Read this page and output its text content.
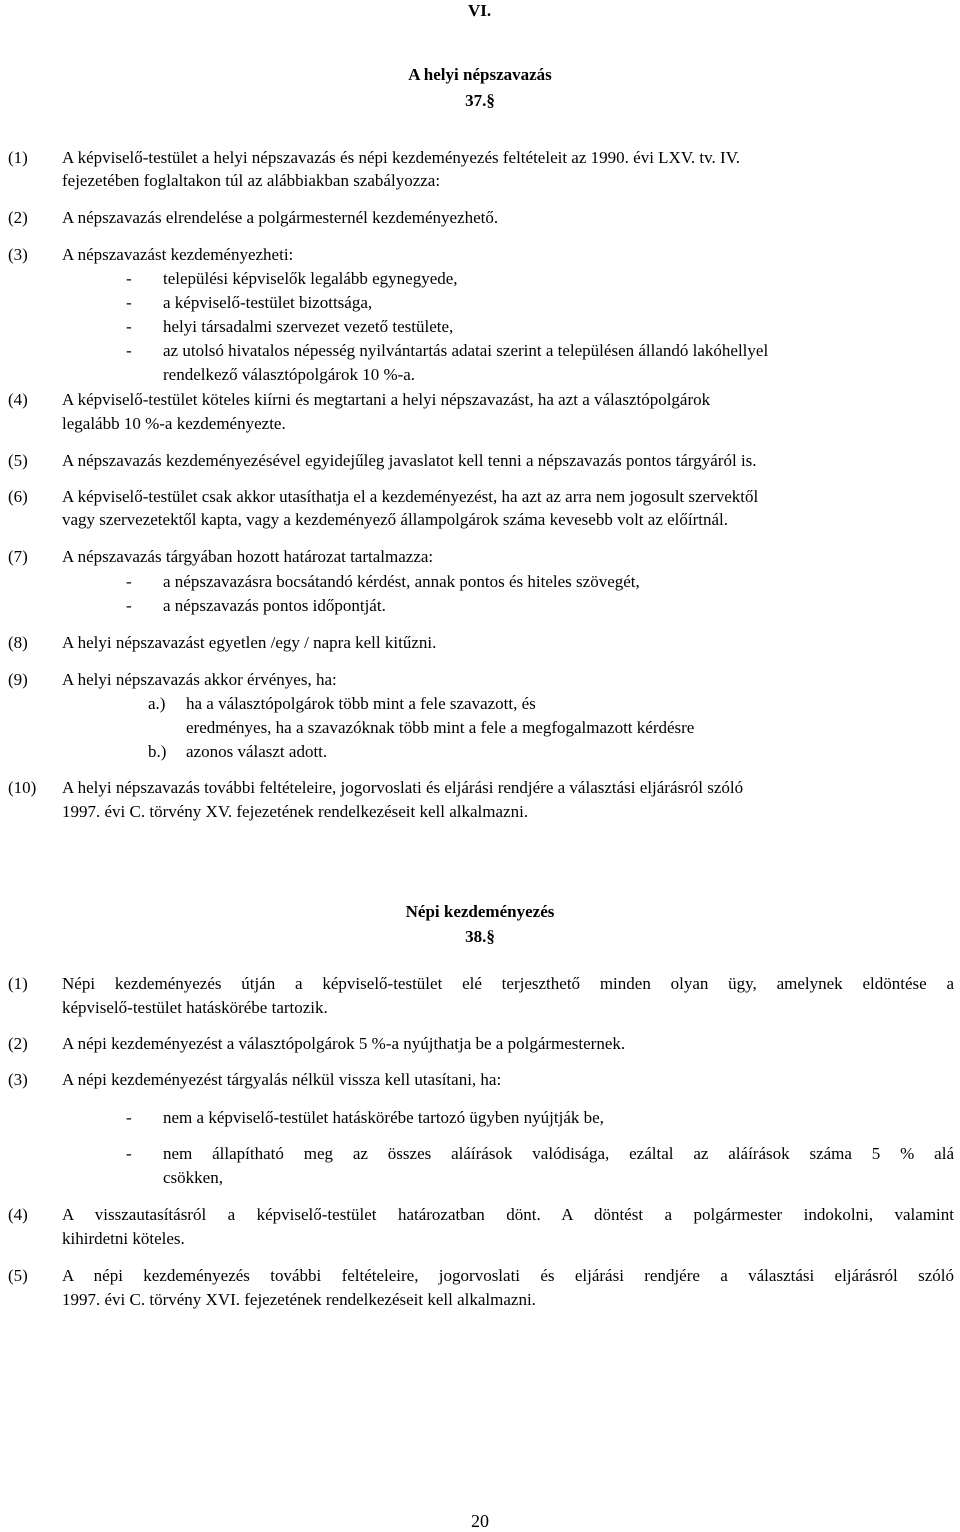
VI.
A helyi népszavazás
37.§
(1) A képviselő-testület a helyi népszavazás és népi kezdeményezés feltételeit az 1990. évi LXV. tv. IV.
fejezetében foglaltakon túl az alábbiakban szabályozza:
(2) A népszavazás elrendelése a polgármesternél kezdeményezhető.
(3) A népszavazást kezdeményezheti:
- települési képviselők legalább egynegyede,
- a képviselő-testület bizottsága,
- helyi társadalmi szervezet vezető testülete,
- az utolsó hivatalos népesség nyilvántartás adatai szerint a településen állandó lakóhellyel
rendelkező választópolgárok 10 %-a.
(4) A képviselő-testület köteles kiírni és megtartani a helyi népszavazást, ha azt a választópolgárok
legalább 10 %-a kezdeményezte.
(5) A népszavazás kezdeményezésével egyidejűleg javaslatot kell tenni a népszavazás pontos tárgyáról is.
(6) A képviselő-testület csak akkor utasíthatja el a kezdeményezést, ha azt az arra nem jogosult szervektől
vagy szervezetektől kapta, vagy a kezdeményező állampolgárok száma kevesebb volt az előírtnál.
(7) A népszavazás tárgyában hozott határozat tartalmazza:
- a népszavazásra bocsátandó kérdést, annak pontos és hiteles szövegét,
- a népszavazás pontos időpontját.
(8) A helyi népszavazást egyetlen /egy / napra kell kitűzni.
(9) A helyi népszavazás akkor érvényes, ha:
a.) ha a választópolgárok több mint a fele szavazott, és
eredményes, ha a szavazóknak több mint a fele a megfogalmazott kérdésre
b.) azonos választ adott.
(10) A helyi népszavazás további feltételeire, jogorvoslati és eljárási rendjére a választási eljárásról szóló
1997. évi C. törvény XV. fejezetének rendelkezéseit kell alkalmazni.
Népi kezdeményezés
38.§
(1) Népi kezdeményezés útján a képviselő-testület elé terjeszthető minden olyan ügy, amelynek eldöntése a
képviselő-testület hatáskörébe tartozik.
(2) A népi kezdeményezést a választópolgárok 5 %-a nyújthatja be a polgármesternek.
(3) A népi kezdeményezést tárgyalás nélkül vissza kell utasítani, ha:
- nem a képviselő-testület hatáskörébe tartozó ügyben nyújtják be,
- nem állapítható meg az összes aláírások valódisága, ezáltal az aláírások száma 5 % alá
csökken,
(4) A visszautasításról a képviselő-testület határozatban dönt. A döntést a polgármester indokolni, valamint
kihirdetni köteles.
(5) A népi kezdeményezés további feltételeire, jogorvoslati és eljárási rendjére a választási eljárásról szóló
1997. évi C. törvény XVI. fejezetének rendelkezéseit kell alkalmazni.
20
